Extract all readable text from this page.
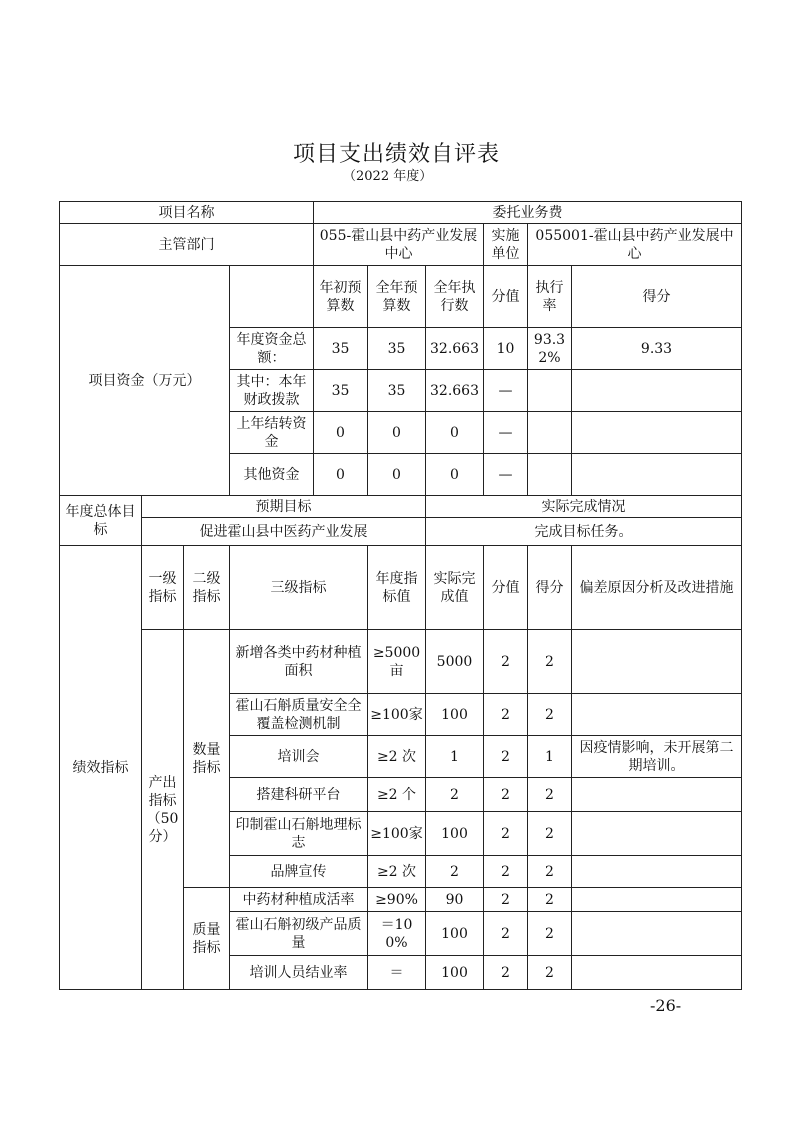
项目支出绩效自评表
（2022 年度）
项目名称				委托业务费					
主管部门				055-霍山县中药产业发展中心			实施单位	055001-霍山县中药产业发展中心	
项目资金（万元）				年初预算数	全年预算数	全年执行数	分值	执行率	得分
			年度资金总额：	35	35	32.663	10	93.32%	9.33
			其中：本年财政拨款	35	35	32.663	—		
			上年结转资金	0	0	0	—		
			其他资金	0	0	0	—		
年度总体目标	预期目标					实际完成情况			
	促进霍山县中医药产业发展					完成目标任务。			
绩效指标	一级指标	二级指标	三级指标		年度指标值	实际完成值	分值	得分	偏差原因分析及改进措施
	产出指标（50分）	数量指标	新增各类中药材种植面积		≥5000亩	5000	2	2	
			霍山石斛质量安全全覆盖检测机制		≥100家	100	2	2	
			培训会		≥2 次	1	2	1	因疫情影响，未开展第二期培训。
			搭建科研平台		≥2 个	2	2	2	
			印制霍山石斛地理标志		≥100家	100	2	2	
			品牌宣传		≥2 次	2	2	2	
		质量指标	中药材种植成活率		≥90%	90	2	2	
			霍山石斛初级产品质量		＝100%	100	2	2	
			培训人员结业率		＝	100	2	2	
-26-
